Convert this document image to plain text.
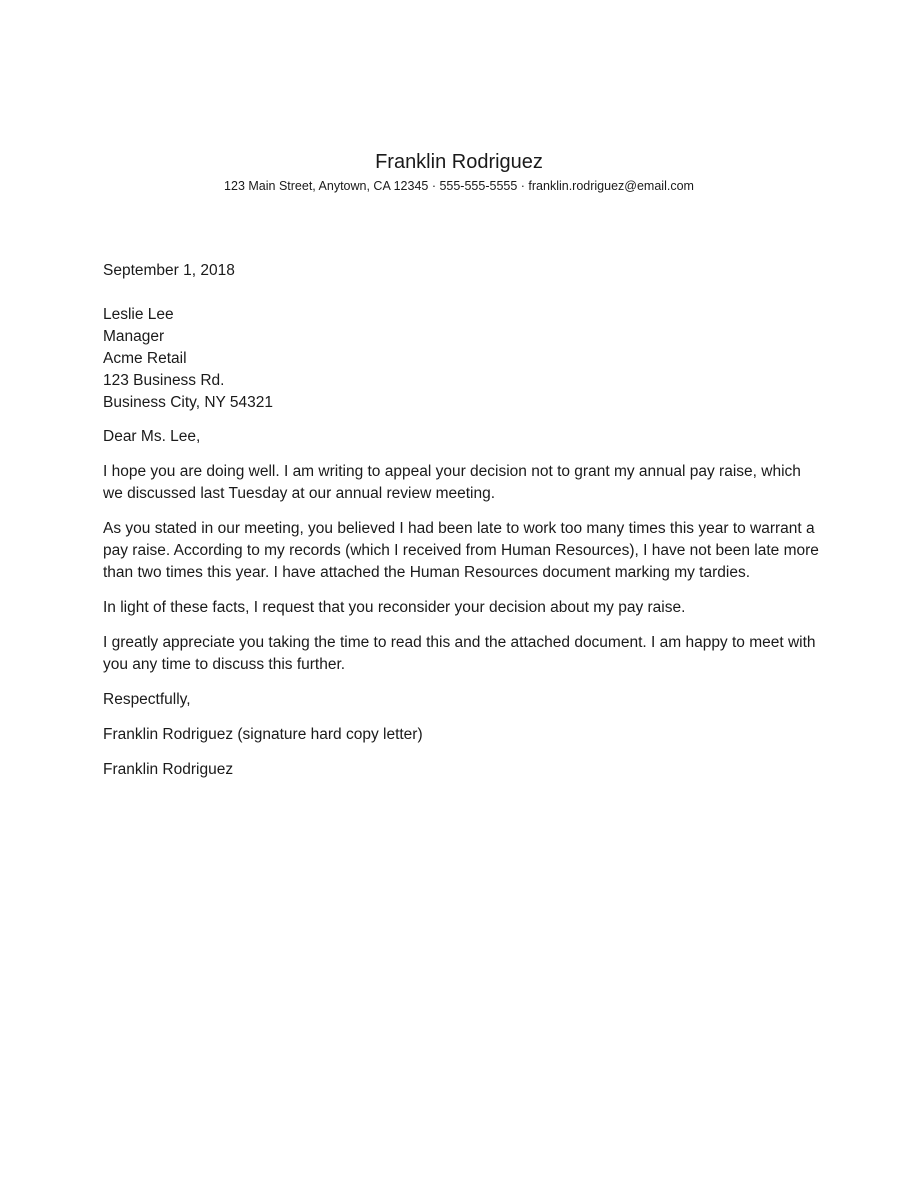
Franklin Rodriguez
123 Main Street, Anytown, CA 12345 · 555-555-5555 · franklin.rodriguez@email.com
September 1, 2018
Leslie Lee
Manager
Acme Retail
123 Business Rd.
Business City, NY 54321
Dear Ms. Lee,
I hope you are doing well. I am writing to appeal your decision not to grant my annual pay raise, which we discussed last Tuesday at our annual review meeting.
As you stated in our meeting, you believed I had been late to work too many times this year to warrant a pay raise. According to my records (which I received from Human Resources), I have not been late more than two times this year. I have attached the Human Resources document marking my tardies.
In light of these facts, I request that you reconsider your decision about my pay raise.
I greatly appreciate you taking the time to read this and the attached document. I am happy to meet with you any time to discuss this further.
Respectfully,
Franklin Rodriguez (signature hard copy letter)
Franklin Rodriguez
